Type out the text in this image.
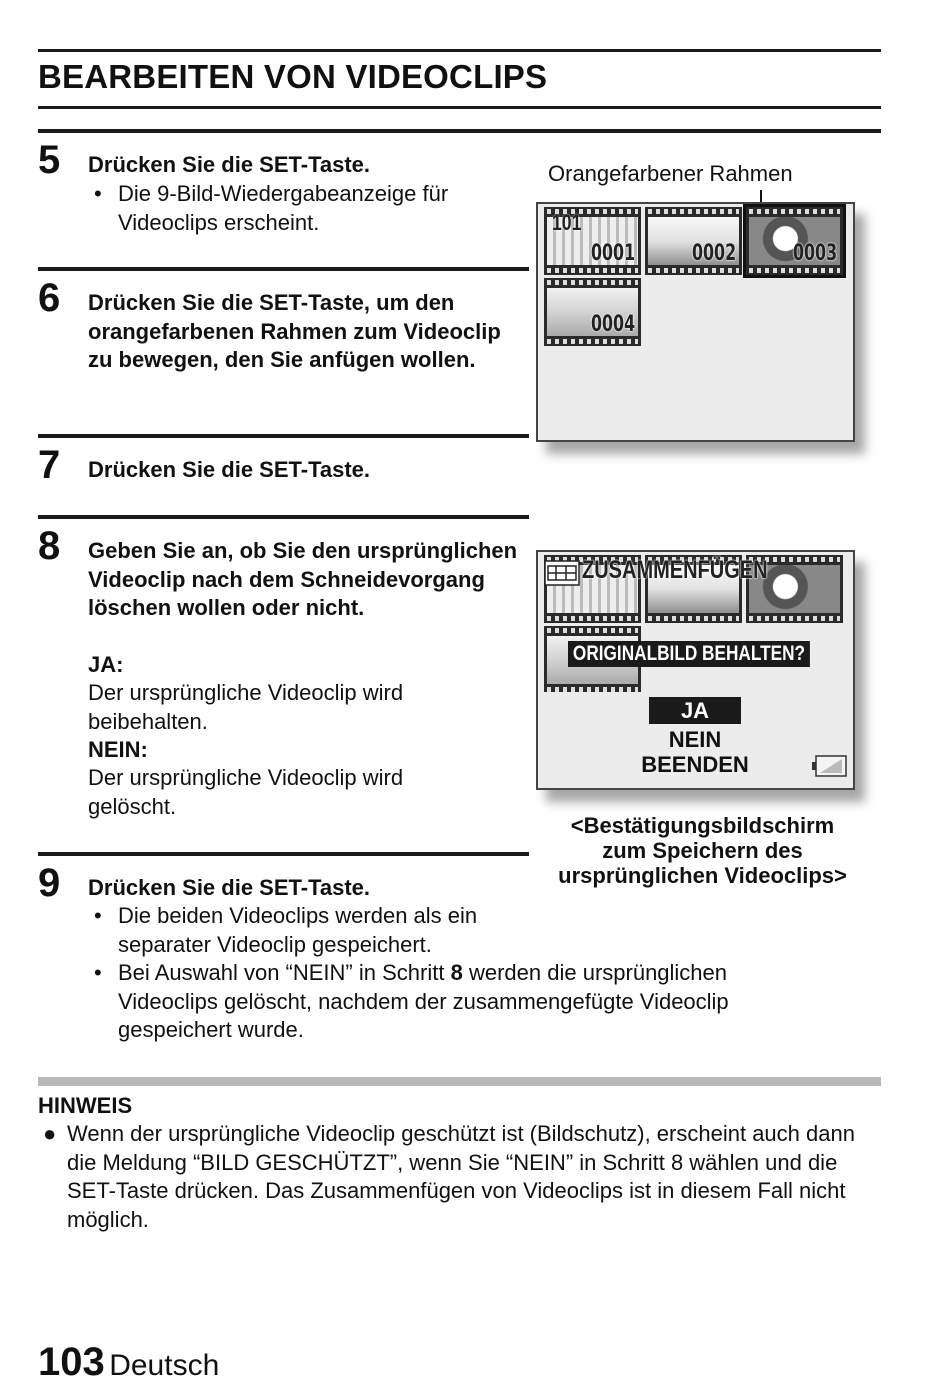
BEARBEITEN VON VIDEOCLIPS
5 Drücken Sie die SET-Taste.
• Die 9-Bild-Wiedergabeanzeige für Videoclips erscheint.
6 Drücken Sie die SET-Taste, um den orangefarbenen Rahmen zum Videoclip zu bewegen, den Sie anfügen wollen.
7 Drücken Sie die SET-Taste.
8 Geben Sie an, ob Sie den ursprünglichen Videoclip nach dem Schneidevorgang löschen wollen oder nicht.
JA:
Der ursprüngliche Videoclip wird beibehalten.
NEIN:
Der ursprüngliche Videoclip wird gelöscht.
9 Drücken Sie die SET-Taste.
• Die beiden Videoclips werden als ein separater Videoclip gespeichert.
• Bei Auswahl von “NEIN” in Schritt 8 werden die ursprünglichen Videoclips gelöscht, nachdem der zusammengefügte Videoclip gespeichert wurde.
Orangefarbener Rahmen
0001	0002	0003
0004
101
ZUSAMMENFÜGEN
ORIGINALBILD BEHALTEN?
JA
NEIN
BEENDEN
<Bestätigungsbildschirm
zum Speichern des
ursprünglichen Videoclips>
HINWEIS
● Wenn der ursprüngliche Videoclip geschützt ist (Bildschutz), erscheint auch dann die Meldung “BILD GESCHÜTZT”, wenn Sie “NEIN” in Schritt 8 wählen und die SET-Taste drücken. Das Zusammenfügen von Videoclips ist in diesem Fall nicht möglich.
103 Deutsch
